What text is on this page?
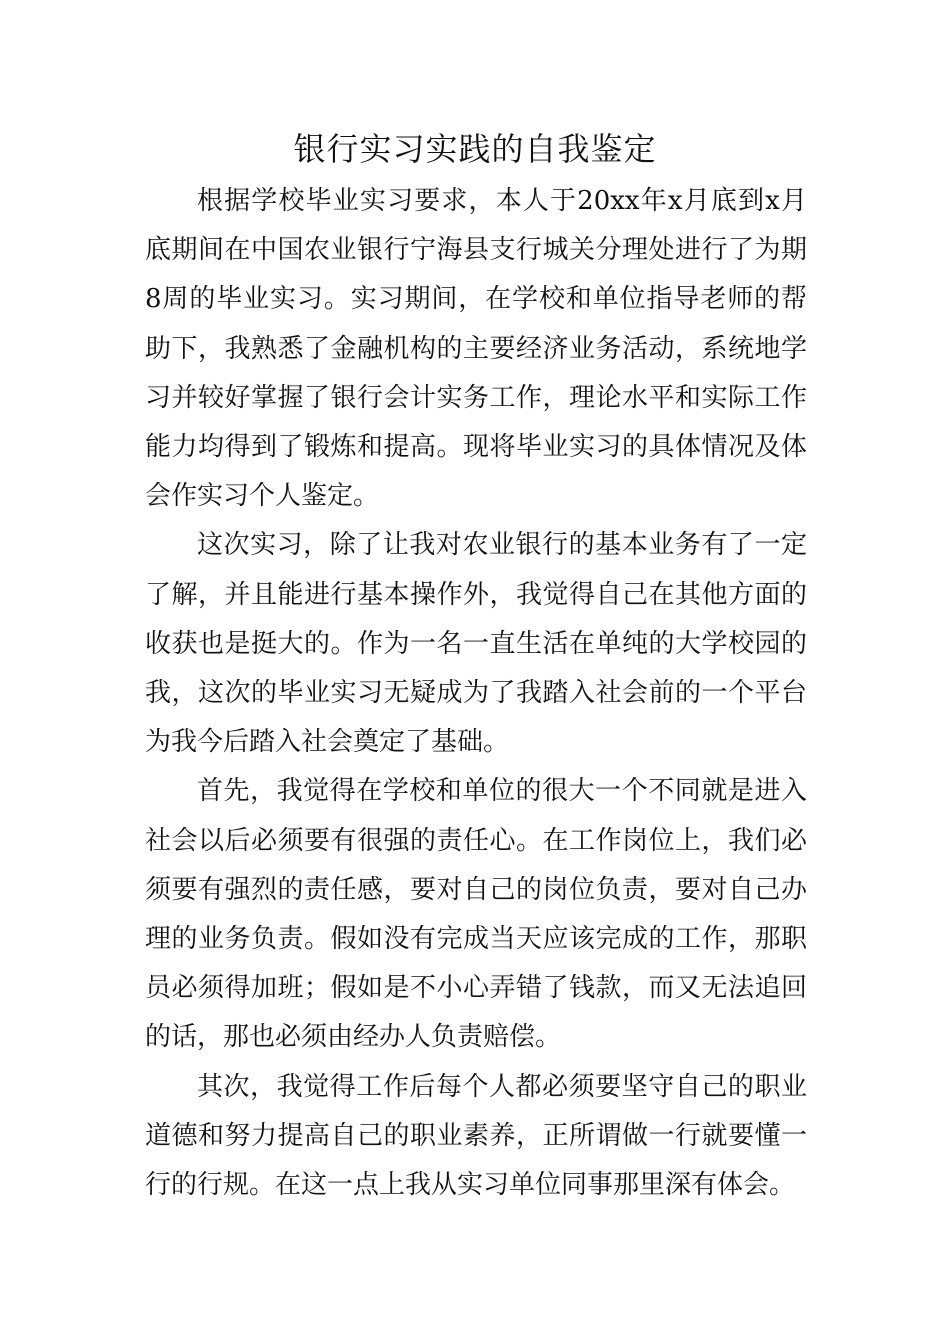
银行实习实践的自我鉴定

根据学校毕业实习要求，本人于20xx年x月底到x月底期间在中国农业银行宁海县支行城关分理处进行了为期8周的毕业实习。实习期间，在学校和单位指导老师的帮助下，我熟悉了金融机构的主要经济业务活动，系统地学习并较好掌握了银行会计实务工作，理论水平和实际工作能力均得到了锻炼和提高。现将毕业实习的具体情况及体会作实习个人鉴定。

这次实习，除了让我对农业银行的基本业务有了一定了解，并且能进行基本操作外，我觉得自己在其他方面的收获也是挺大的。作为一名一直生活在单纯的大学校园的我，这次的毕业实习无疑成为了我踏入社会前的一个平台为我今后踏入社会奠定了基础。

首先，我觉得在学校和单位的很大一个不同就是进入社会以后必须要有很强的责任心。在工作岗位上，我们必须要有强烈的责任感，要对自己的岗位负责，要对自己办理的业务负责。假如没有完成当天应该完成的工作，那职员必须得加班；假如是不小心弄错了钱款，而又无法追回的话，那也必须由经办人负责赔偿。

其次，我觉得工作后每个人都必须要坚守自己的职业道德和努力提高自己的职业素养，正所谓做一行就要懂一行的行规。在这一点上我从实习单位同事那里深有体会。
